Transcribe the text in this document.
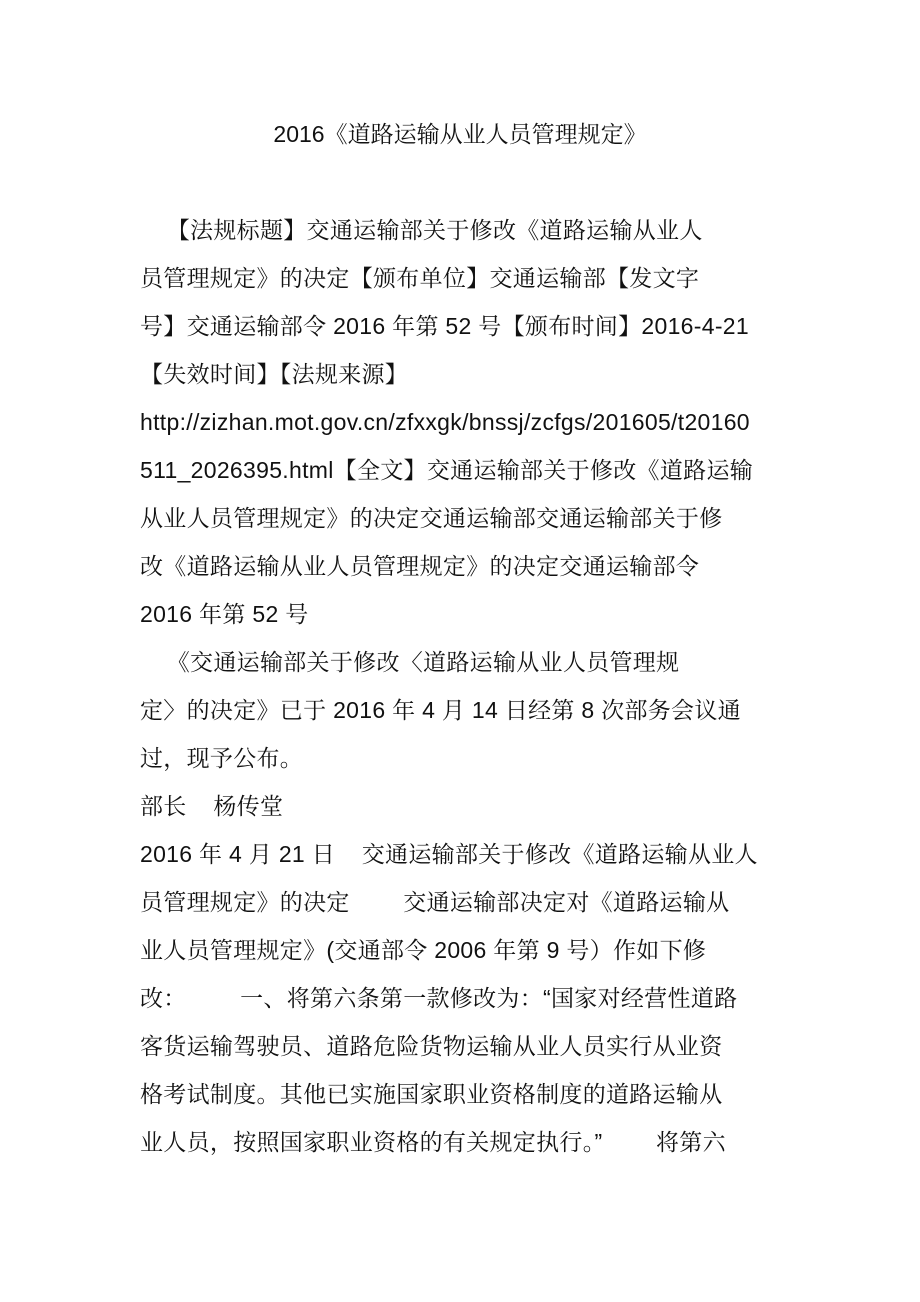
2016《道路运输从业人员管理规定》
【法规标题】交通运输部关于修改《道路运输从业人
员管理规定》的决定【颁布单位】交通运输部【发文字
号】交通运输部令 2016 年第 52 号【颁布时间】2016-4-21
【失效时间】【法规来源】
http://zizhan.mot.gov.cn/zfxxgk/bnssj/zcfgs/201605/t20160
511_2026395.html【全文】交通运输部关于修改《道路运输
从业人员管理规定》的决定交通运输部交通运输部关于修
改《道路运输从业人员管理规定》的决定交通运输部令
2016 年第 52 号
《交通运输部关于修改〈道路运输从业人员管理规
定〉的决定》已于 2016 年 4 月 14 日经第 8 次部务会议通
过，现予公布。
部长    杨传堂
2016 年 4 月 21 日    交通运输部关于修改《道路运输从业人
员管理规定》的决定        交通运输部决定对《道路运输从
业人员管理规定》(交通部令 2006 年第 9 号）作如下修
改：        一、将第六条第一款修改为：“国家对经营性道路
客货运输驾驶员、道路危险货物运输从业人员实行从业资
格考试制度。其他已实施国家职业资格制度的道路运输从
业人员，按照国家职业资格的有关规定执行。”        将第六
